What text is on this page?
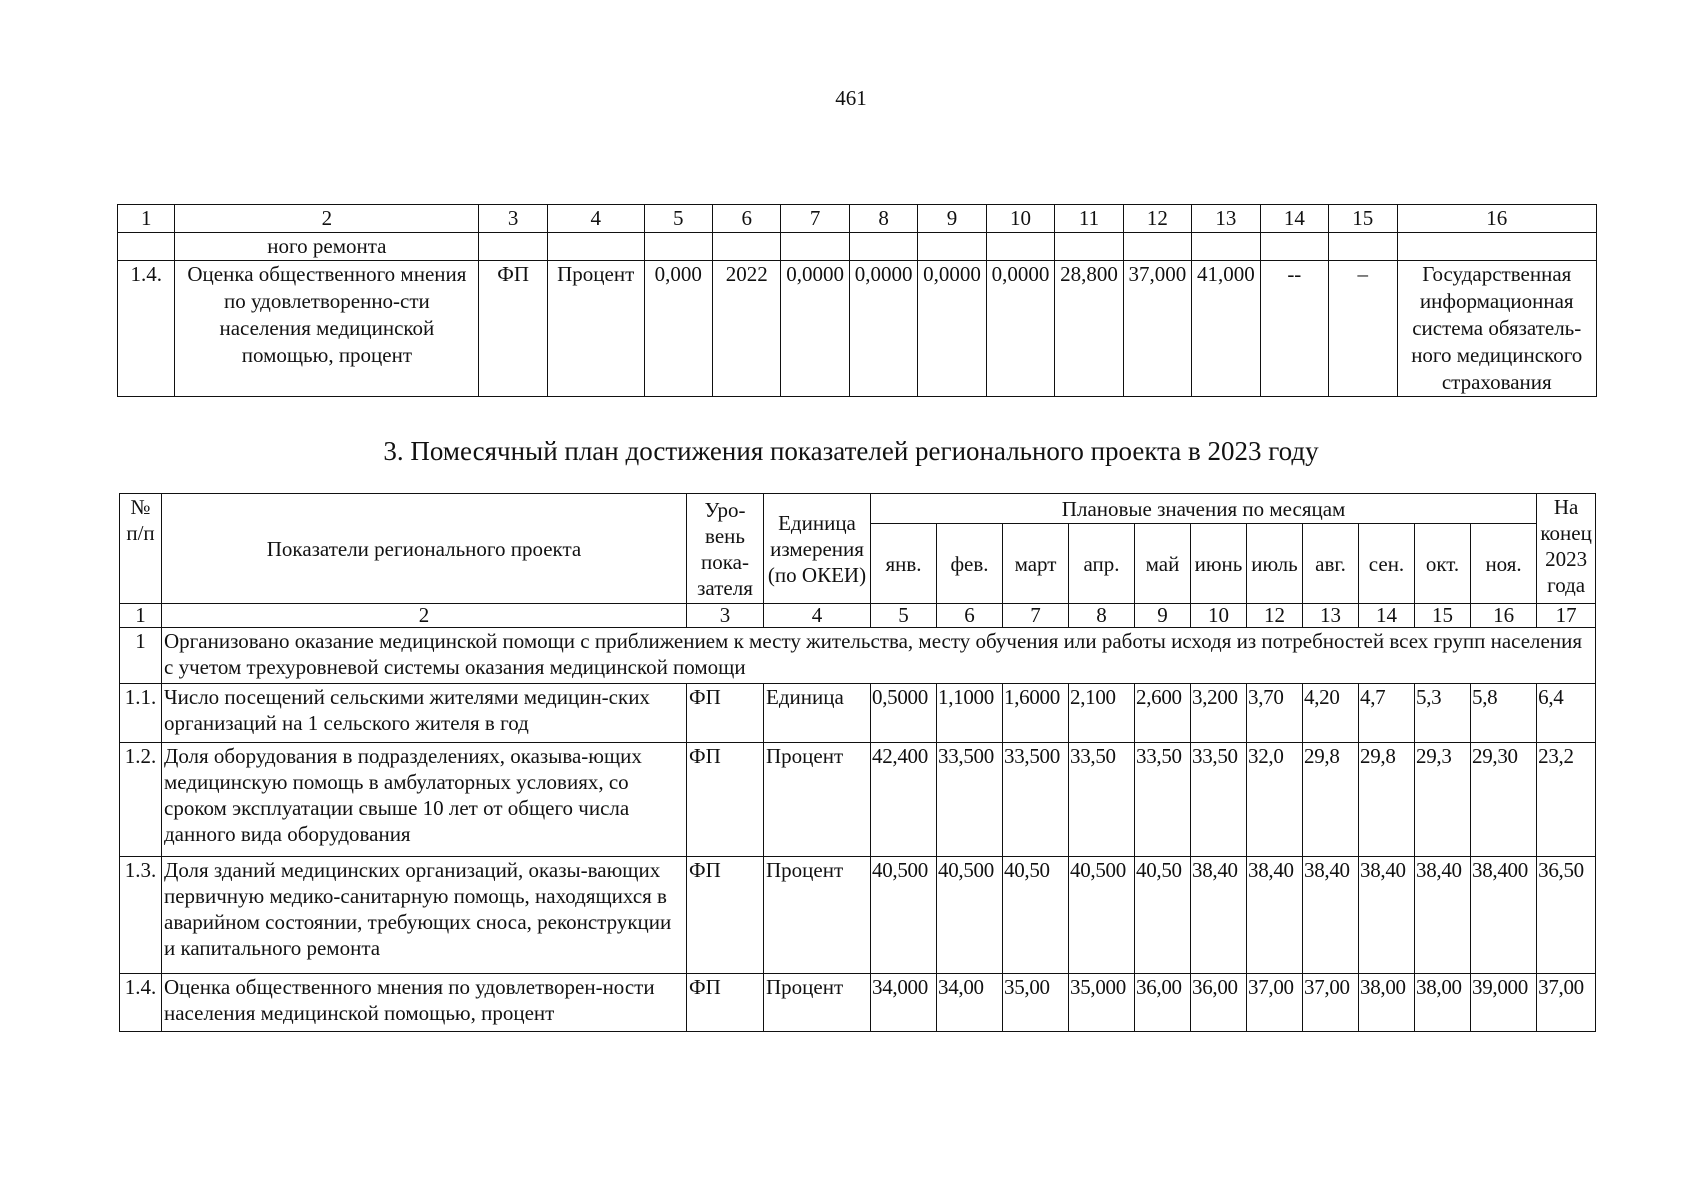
461
1	2	3	4	5	6	7	8	9	10	11	12	13	14	15	16
	ного ремонта														
1.4.	Оценка общественного мнения по удовлетворенно-сти населения медицинской помощью, процент	ФП	Процент	0,000	2022	0,0000	0,0000	0,0000	0,0000	28,800	37,000	41,000	--	–	Государственная информационная система обязатель-ного медицинского страхования
3. Помесячный план достижения показателей регионального проекта в 2023 году
№ п/п	Показатели регионального проекта	Уро-вень пока-зателя	Единица измерения (по ОКЕИ)	Плановые значения по месяцам											На конец 2023 года
				янв.	фев.	март	апр.	май	июнь	июль	авг.	сен.	окт.	ноя.	
1	2	3	4	5	6	7	8	9	10	12	13	14	15	16	17
1	Организовано оказание медицинской помощи с приближением к месту жительства, месту обучения или работы исходя из потребностей всех групп населения с учетом трехуровневой системы оказания медицинской помощи														
1.1.	Число посещений сельскими жителями медицин-ских организаций на 1 сельского жителя в год	ФП	Единица	0,5000	1,1000	1,6000	2,100	2,600	3,200	3,70	4,20	4,7	5,3	5,8	6,4
1.2.	Доля оборудования в подразделениях, оказыва-ющих медицинскую помощь в амбулаторных условиях, со сроком эксплуатации свыше 10 лет от общего числа данного вида оборудования	ФП	Процент	42,400	33,500	33,500	33,50	33,50	33,50	32,0	29,8	29,8	29,3	29,30	23,2
1.3.	Доля зданий медицинских организаций, оказы-вающих первичную медико-санитарную помощь, находящихся в аварийном состоянии, требующих сноса, реконструкции и капитального ремонта	ФП	Процент	40,500	40,500	40,50	40,500	40,50	38,40	38,40	38,40	38,40	38,40	38,400	36,50
1.4.	Оценка общественного мнения по удовлетворен-ности населения медицинской помощью, процент	ФП	Процент	34,000	34,00	35,00	35,000	36,00	36,00	37,00	37,00	38,00	38,00	39,000	37,00
